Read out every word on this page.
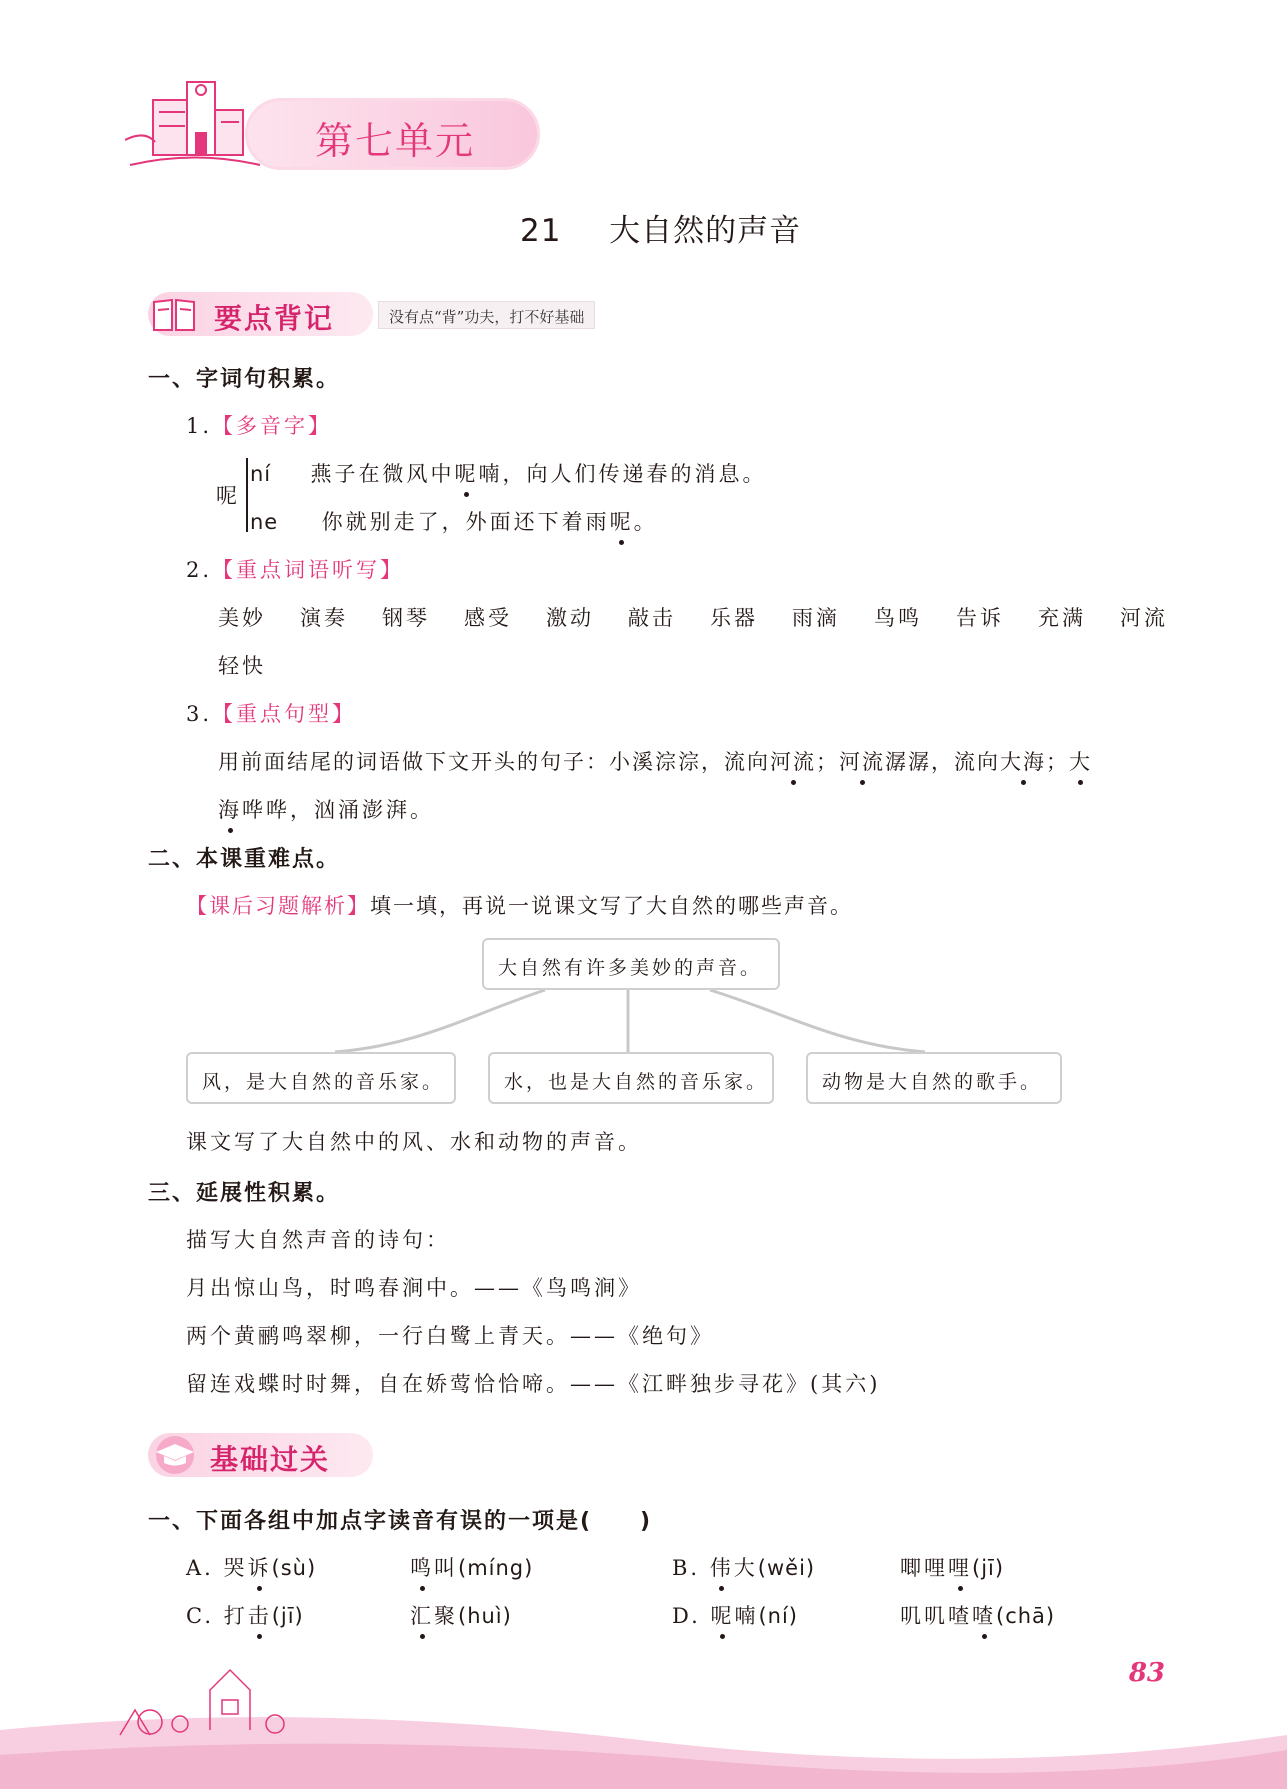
第七单元
21 大自然的声音
要点背记	没有点“背”功夫，打不好基础
一、字词句积累。
1.【多音字】
呢
ní 燕子在微风中呢喃，向人们传递春的消息。
ne 你就别走了，外面还下着雨呢。
2.【重点词语听写】
美妙 演奏 钢琴 感受 激动 敲击 乐器 雨滴 鸟鸣 告诉 充满 河流
轻快
3.【重点句型】
用前面结尾的词语做下文开头的句子：小溪淙淙，流向河流；河流潺潺，流向大海；大
海哗哗，汹涌澎湃。
二、本课重难点。
【课后习题解析】填一填，再说一说课文写了大自然的哪些声音。
大自然有许多美妙的声音。
风，是大自然的音乐家。	水，也是大自然的音乐家。	动物是大自然的歌手。
课文写了大自然中的风、水和动物的声音。
三、延展性积累。
描写大自然声音的诗句：
月出惊山鸟，时鸣春涧中。——《鸟鸣涧》
两个黄鹂鸣翠柳，一行白鹭上青天。——《绝句》
留连戏蝶时时舞，自在娇莺恰恰啼。——《江畔独步寻花》(其六)
基础过关
一、下面各组中加点字读音有误的一项是(　　)
A. 哭诉(sù)	鸣叫(míng)	B. 伟大(wěi)	唧哩哩(jī)
C. 打击(jī)	汇聚(huì)	D. 呢喃(ní)	叽叽喳喳(chā)
83
